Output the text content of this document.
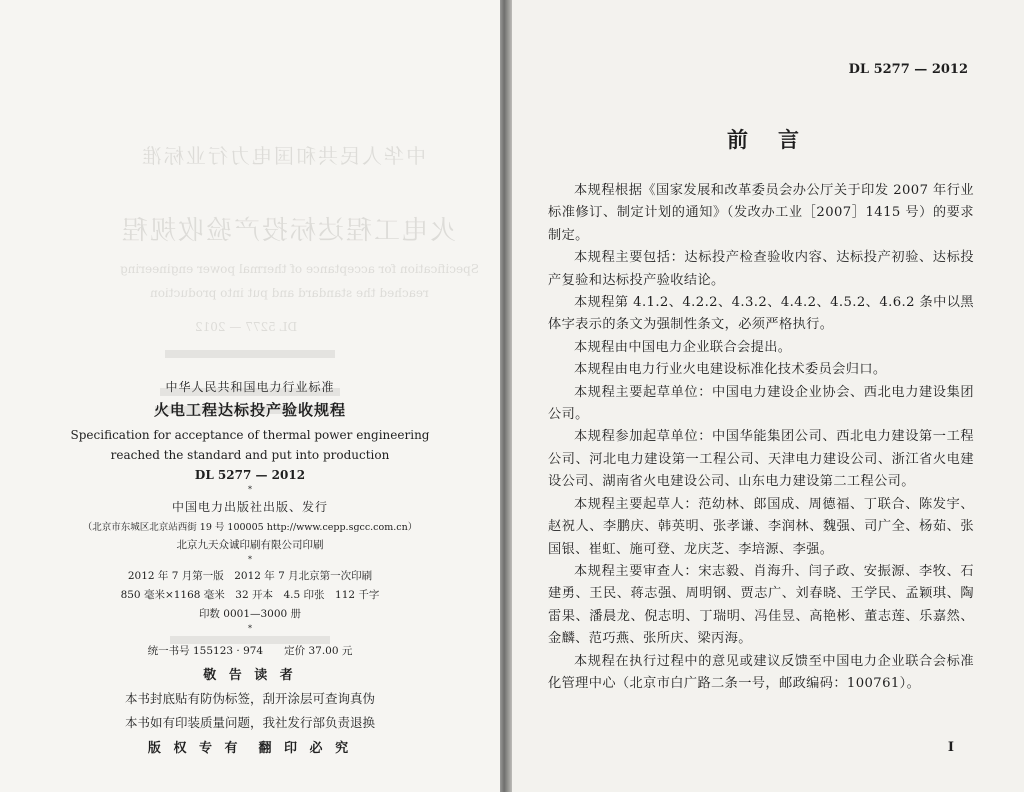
中华人民共和国电力行业标准
火电工程达标投产验收规程
Specification for acceptance of thermal power engineering
reached the standard and put into production
DL 5277 — 2012

中华人民共和国电力行业标准

火电工程达标投产验收规程

Specification for acceptance of thermal power engineering

reached the standard and put into production

DL 5277 — 2012

*

中国电力出版社出版、发行

（北京市东城区北京站西街 19 号 100005 http://www.cepp.sgcc.com.cn）

北京九天众诚印刷有限公司印刷

*

2012 年 7 月第一版　2012 年 7 月北京第一次印刷

850 毫米×1168 毫米　32 开本　4.5 印张　112 千字

印数 0001—3000 册

*

统一书号 155123 · 974　　定价 37.00 元

敬 告 读 者

本书封底贴有防伪标签，刮开涂层可查询真伪

本书如有印装质量问题，我社发行部负责退换

版 权 专 有　翻 印 必 究

DL 5277 — 2012
前言

本规程根据《国家发展和改革委员会办公厅关于印发 2007 年行业标准修订、制定计划的通知》（发改办工业［2007］1415 号）的要求制定。

本规程主要包括：达标投产检查验收内容、达标投产初验、达标投产复验和达标投产验收结论。

本规程第 4.1.2、4.2.2、4.3.2、4.4.2、4.5.2、4.6.2 条中以黑体字表示的条文为强制性条文，必须严格执行。

本规程由中国电力企业联合会提出。

本规程由电力行业火电建设标准化技术委员会归口。

本规程主要起草单位：中国电力建设企业协会、西北电力建设集团公司。

本规程参加起草单位：中国华能集团公司、西北电力建设第一工程公司、河北电力建设第一工程公司、天津电力建设公司、浙江省火电建设公司、湖南省火电建设公司、山东电力建设第二工程公司。

本规程主要起草人：范幼林、郎国成、周德福、丁联合、陈发宇、赵祝人、李鹏庆、韩英明、张孝谦、李润林、魏强、司广全、杨茹、张国银、崔虹、施可登、龙庆芝、李培源、李强。

本规程主要审查人：宋志毅、肖海升、闫子政、安振源、李牧、石建勇、王民、蒋志强、周明钢、贾志广、刘春晓、王学民、孟颖琪、陶雷果、潘晨龙、倪志明、丁瑞明、冯佳昱、高艳彬、董志莲、乐嘉然、金麟、范巧燕、张所庆、梁丙海。

本规程在执行过程中的意见或建议反馈至中国电力企业联合会标准化管理中心（北京市白广路二条一号，邮政编码：100761）。

I
